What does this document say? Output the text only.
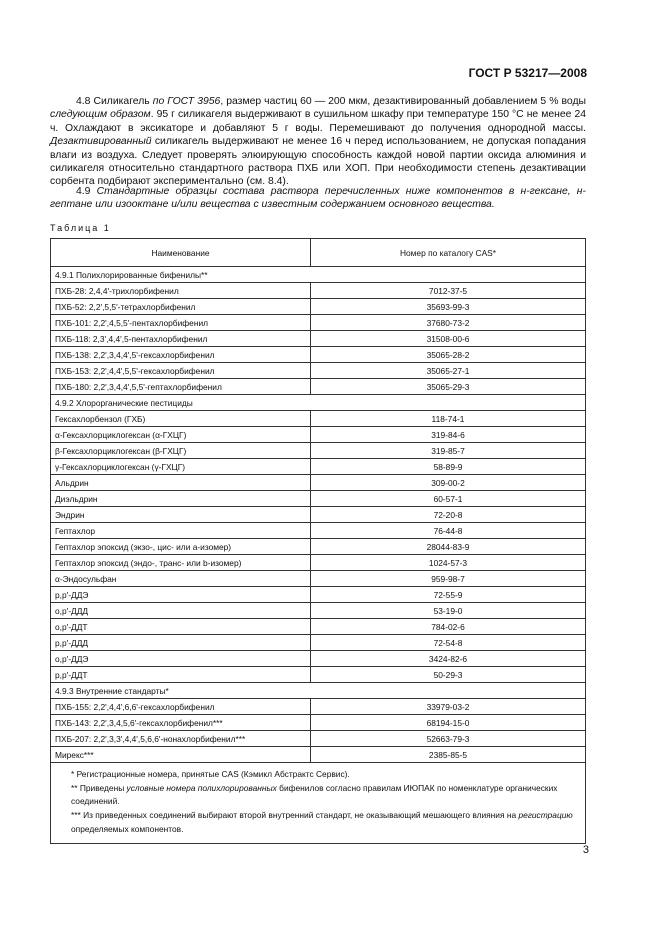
ГОСТ Р 53217—2008
4.8 Силикагель по ГОСТ 3956, размер частиц 60 — 200 мкм, дезактивированный добавлением 5 % воды следующим образом. 95 г силикагеля выдерживают в сушильном шкафу при температуре 150 °С не менее 24 ч. Охлаждают в эксикаторе и добавляют 5 г воды. Перемешивают до получения однородной массы. Дезактивированный силикагель выдерживают не менее 16 ч перед использованием, не допуская попадания влаги из воздуха. Следует проверять элюирующую способность каждой новой партии оксида алюминия и силикагеля относительно стандартного раствора ПХБ или ХОП. При необходимости степень дезактивации сорбента подбирают экспериментально (см. 8.4).
4.9 Стандартные образцы состава раствора перечисленных ниже компонентов в н-гексане, н-гептане или изооктане и/или вещества с известным содержанием основного вещества.
Таблица 1
Наименование	Номер по каталогу CAS*
4.9.1 Полихлорированные бифенилы**	
ПХБ-28: 2,4,4'-трихлорбифенил	7012-37-5
ПХБ-52: 2,2',5,5'-тетрахлорбифенил	35693-99-3
ПХБ-101: 2,2',4,5,5'-пентахлорбифенил	37680-73-2
ПХБ-118: 2,3',4,4',5-пентахлорбифенил	31508-00-6
ПХБ-138: 2,2',3,4,4',5'-гексахлорбифенил	35065-28-2
ПХБ-153: 2,2',4,4',5,5'-гексахлорбифенил	35065-27-1
ПХБ-180: 2,2',3,4,4',5,5'-гептахлорбифенил	35065-29-3
4.9.2 Хлорорганические пестициды	
Гексахлорбензол (ГХБ)	118-74-1
α-Гексахлорциклогексан (α-ГХЦГ)	319-84-6
β-Гексахлорциклогексан (β-ГХЦГ)	319-85-7
γ-Гексахлорциклогексан (γ-ГХЦГ)	58-89-9
Альдрин	309-00-2
Диэльдрин	60-57-1
Эндрин	72-20-8
Гептахлор	76-44-8
Гептахлор эпоксид (экзо-, цис- или а-изомер)	28044-83-9
Гептахлор эпоксид (эндо-, транс- или b-изомер)	1024-57-3
α-Эндосульфан	959-98-7
p,p'-ДДЭ	72-55-9
o,p'-ДДД	53-19-0
o,p'-ДДТ	784-02-6
p,p'-ДДД	72-54-8
o,p'-ДДЭ	3424-82-6
p,p'-ДДТ	50-29-3
4.9.3 Внутренние стандарты*	
ПХБ-155: 2,2',4,4',6,6'-гексахлорбифенил	33979-03-2
ПХБ-143: 2,2',3,4,5,6'-гексахлорбифенил***	68194-15-0
ПХБ-207: 2,2',3,3',4,4',5,6,6'-нонахлорбифенил***	52663-79-3
Мирекс***	2385-85-5

* Регистрационные номера, принятые CAS (Кэмикл Абстрактс Сервис).
** Приведены условные номера полихлорированных бифенилов согласно правилам ИЮПАК по номенклатуре органических соединений.
*** Из приведенных соединений выбирают второй внутренний стандарт, не оказывающий мешающего влияния на регистрацию определяемых компонентов.	
3
